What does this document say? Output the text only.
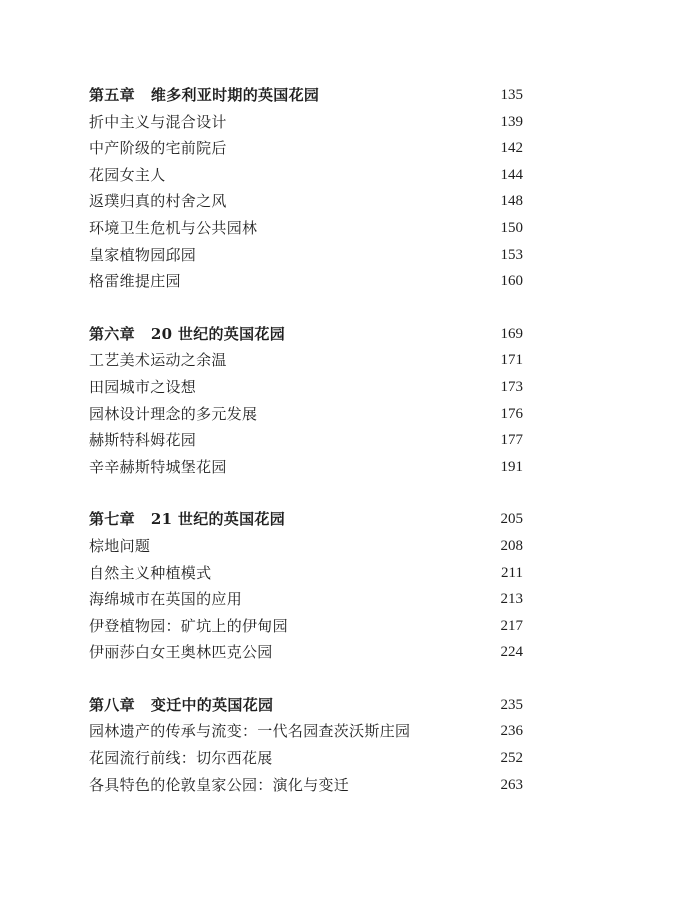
第五章 维多利亚时期的英国花园	135
折中主义与混合设计	139
中产阶级的宅前院后	142
花园女主人	144
返璞归真的村舍之风	148
环境卫生危机与公共园林	150
皇家植物园邱园	153
格雷维提庄园	160
第六章 20 世纪的英国花园	169
工艺美术运动之余温	171
田园城市之设想	173
园林设计理念的多元发展	176
赫斯特科姆花园	177
辛辛赫斯特城堡花园	191
第七章 21 世纪的英国花园	205
棕地问题	208
自然主义种植模式	211
海绵城市在英国的应用	213
伊登植物园：矿坑上的伊甸园	217
伊丽莎白女王奥林匹克公园	224
第八章 变迁中的英国花园	235
园林遗产的传承与流变：一代名园查茨沃斯庄园	236
花园流行前线：切尔西花展	252
各具特色的伦敦皇家公园：演化与变迁	263
